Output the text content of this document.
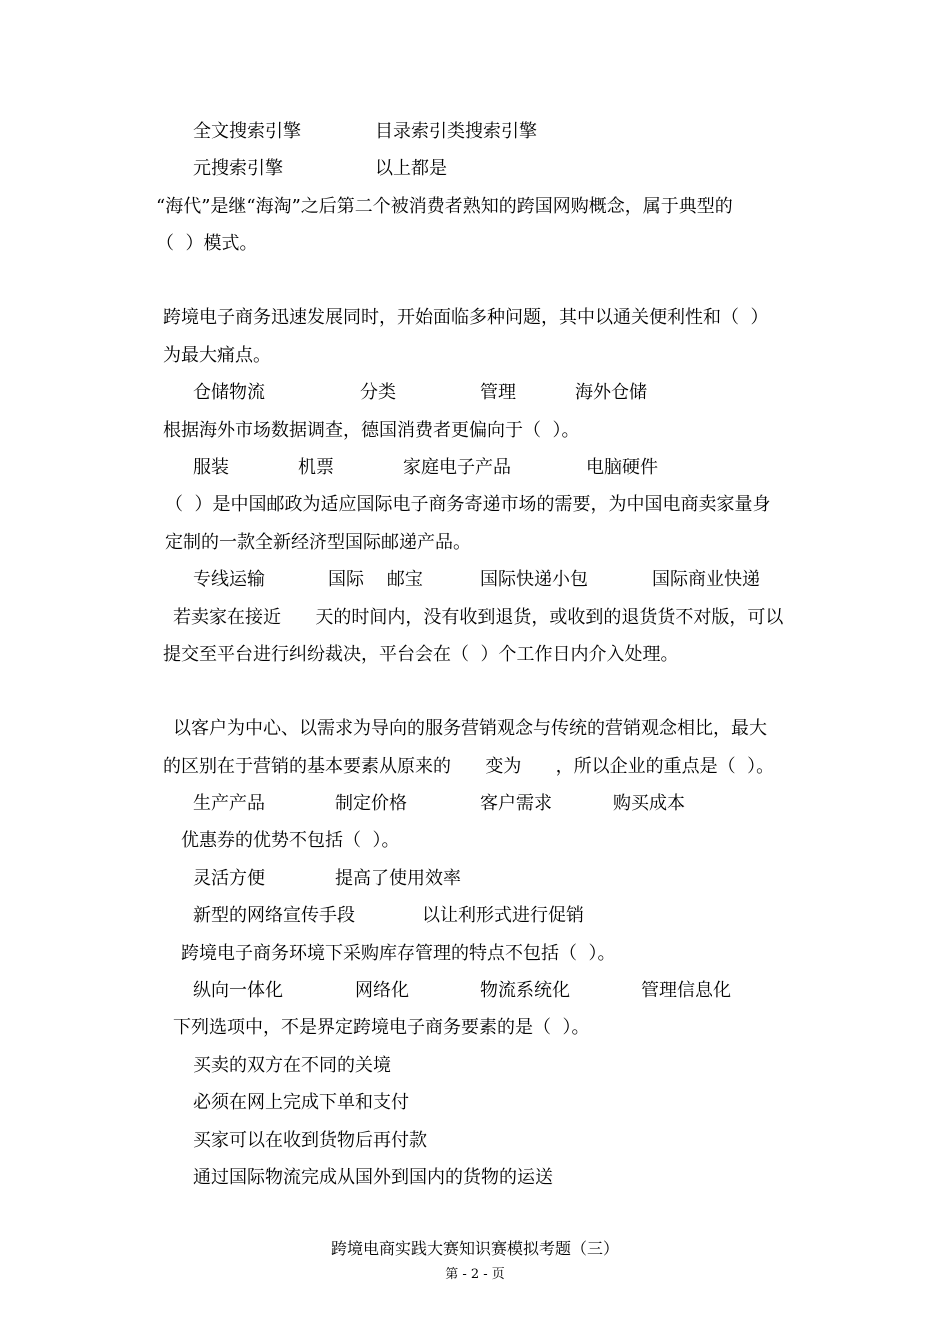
全文搜索引擎	目录索引类搜索引擎
元搜索引擎	以上都是
“海代”是继“海淘”之后第二个被消费者熟知的跨国网购概念，属于典型的
（  ）模式。
跨境电子商务迅速发展同时，开始面临多种问题，其中以通关便利性和（  ）
为最大痛点。
仓储物流	分类	管理	海外仓储
根据海外市场数据调查，德国消费者更偏向于（  ）。
服装	机票	家庭电子产品	电脑硬件
（  ）是中国邮政为适应国际电子商务寄递市场的需要，为中国电商卖家量身
定制的一款全新经济型国际邮递产品。
专线运输	国际    邮宝	国际快递小包	国际商业快递
若卖家在接近      天的时间内，没有收到退货，或收到的退货货不对版，可以
提交至平台进行纠纷裁决，平台会在（  ）个工作日内介入处理。
以客户为中心、以需求为导向的服务营销观念与传统的营销观念相比，最大
的区别在于营销的基本要素从原来的      变为      ，所以企业的重点是（  ）。
生产产品	制定价格	客户需求	购买成本
优惠券的优势不包括（  ）。
灵活方便	提高了使用效率
新型的网络宣传手段	以让利形式进行促销
跨境电子商务环境下采购库存管理的特点不包括（  ）。
纵向一体化	网络化	物流系统化	管理信息化
下列选项中，不是界定跨境电子商务要素的是（  ）。
买卖的双方在不同的关境
必须在网上完成下单和支付
买家可以在收到货物后再付款
通过国际物流完成从国外到国内的货物的运送
跨境电商实践大赛知识赛模拟考题（三）
第 - 2 - 页
